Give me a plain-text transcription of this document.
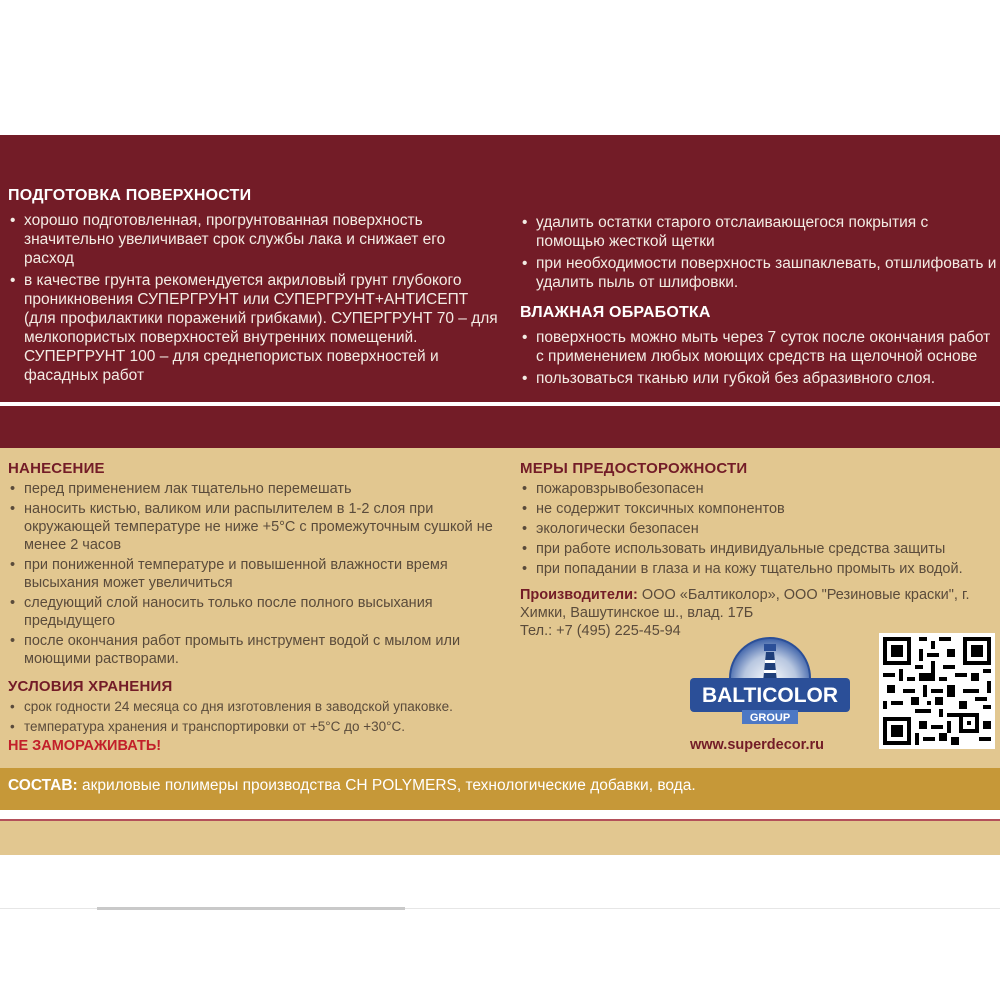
ПОДГОТОВКА ПОВЕРХНОСТИ
• хорошо подготовленная, прогрунтованная поверхность значительно увеличивает срок службы лака и снижает его расход
• в качестве грунта рекомендуется акриловый грунт глубокого проникновения СУПЕРГРУНТ или СУПЕРГРУНТ+АНТИСЕПТ (для профилактики поражений грибками). СУПЕРГРУНТ 70 – для мелкопористых поверхностей внутренних помещений. СУПЕРГРУНТ 100 – для среднепористых поверхностей и фасадных работ
• удалить остатки старого отслаивающегося покрытия с помощью жесткой щетки
• при необходимости поверхность зашпаклевать, отшлифовать и удалить пыль от шлифовки.
ВЛАЖНАЯ ОБРАБОТКА
• поверхность можно мыть через 7 суток после окончания работ с применением любых моющих средств на щелочной основе
• пользоваться тканью или губкой без абразивного слоя.
НАНЕСЕНИЕ
• перед применением лак тщательно перемешать
• наносить кистью, валиком или распылителем в 1-2 слоя при окружающей температуре не ниже +5°С с промежуточным сушкой не менее 2 часов
• при пониженной температуре и повышенной влажности время высыхания может увеличиться
• следующий слой наносить только после полного высыхания предыдущего
• после окончания работ промыть инструмент водой с мылом или моющими растворами.
УСЛОВИЯ ХРАНЕНИЯ
• срок годности 24 месяца со дня изготовления в заводской упаковке.
• температура хранения и транспортировки от +5°С до +30°С.
НЕ ЗАМОРАЖИВАТЬ!
МЕРЫ ПРЕДОСТОРОЖНОСТИ
• пожаровзрывобезопасен
• не содержит токсичных компонентов
• экологически безопасен
• при работе использовать индивидуальные средства защиты
• при попадании в глаза и на кожу тщательно промыть их водой.
Производители: ООО «Балтиколор», ООО "Резиновые краски", г. Химки, Вашутинское ш., влад. 17Б
Тел.: +7 (495) 225-45-94
BALTICOLOR
GROUP
www.superdecor.ru
СОСТАВ: акриловые полимеры производства CH POLYMERS, технологические добавки, вода.
